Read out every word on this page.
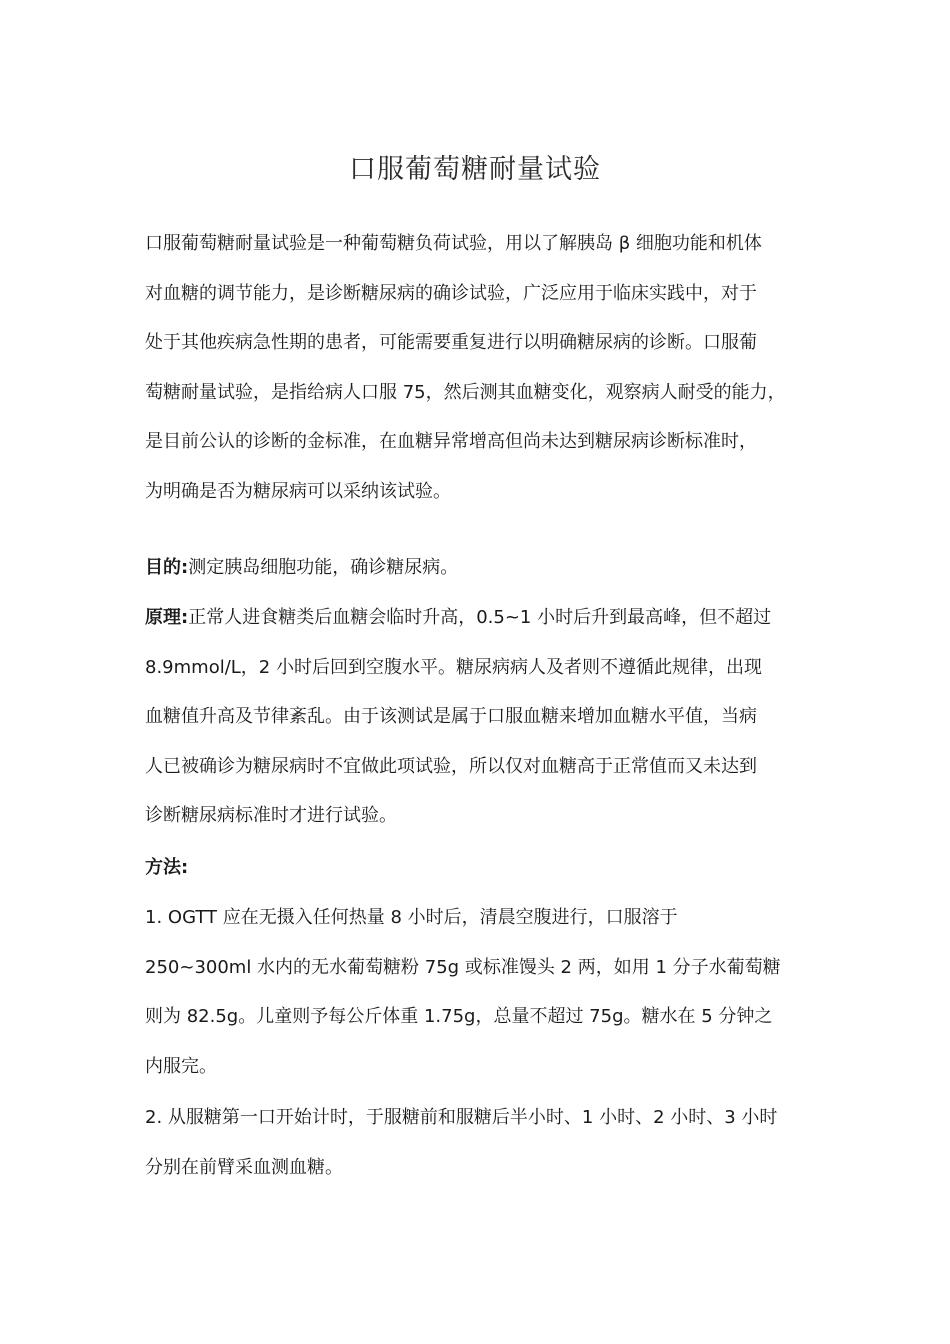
口服葡萄糖耐量试验
口服葡萄糖耐量试验是一种葡萄糖负荷试验，用以了解胰岛 β 细胞功能和机体
对血糖的调节能力，是诊断糖尿病的确诊试验，广泛应用于临床实践中，对于
处于其他疾病急性期的患者，可能需要重复进行以明确糖尿病的诊断。口服葡
萄糖耐量试验，是指给病人口服 75，然后测其血糖变化，观察病人耐受的能力，
是目前公认的诊断的金标准，在血糖异常增高但尚未达到糖尿病诊断标准时，
为明确是否为糖尿病可以采纳该试验。
目的:测定胰岛细胞功能，确诊糖尿病。
原理:正常人进食糖类后血糖会临时升高，0.5~1 小时后升到最高峰，但不超过
8.9mmol/L，2 小时后回到空腹水平。糖尿病病人及者则不遵循此规律，出现
血糖值升高及节律紊乱。由于该测试是属于口服血糖来增加血糖水平值，当病
人已被确诊为糖尿病时不宜做此项试验，所以仅对血糖高于正常值而又未达到
诊断糖尿病标准时才进行试验。
方法:
1. OGTT 应在无摄入任何热量 8 小时后，清晨空腹进行，口服溶于
250~300ml 水内的无水葡萄糖粉 75g 或标准馒头 2 两，如用 1 分子水葡萄糖
则为 82.5g。儿童则予每公斤体重 1.75g，总量不超过 75g。糖水在 5 分钟之
内服完。
2. 从服糖第一口开始计时，于服糖前和服糖后半小时、1 小时、2 小时、3 小时
分别在前臂采血测血糖。
